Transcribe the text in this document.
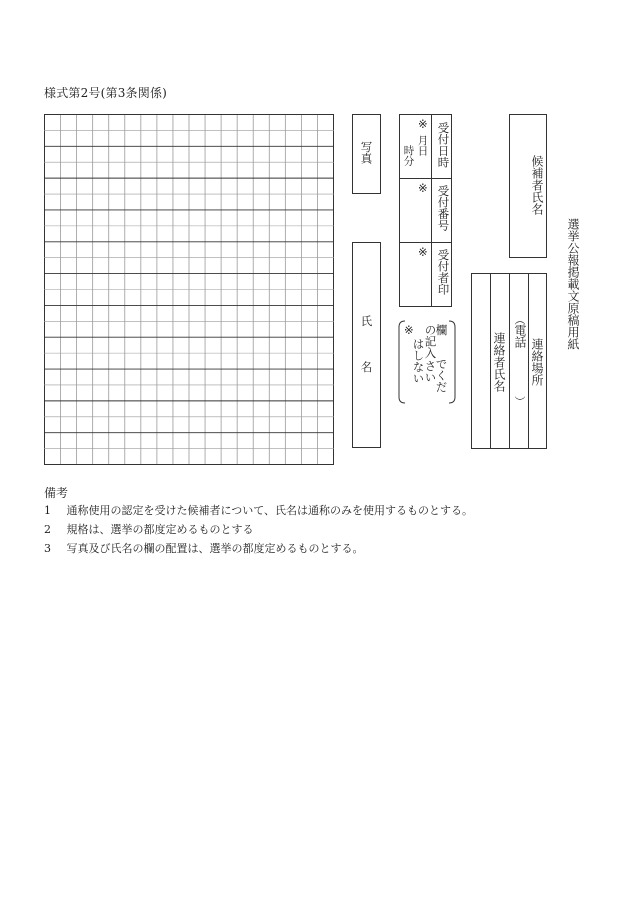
様式第2号(第3条関係)
写真
氏
名
※
月日
時分 受付日時
※ 受付番号
※ 受付者印
欄
の記入
はしない でくだ
さい
※
候補者氏名
選挙公報掲載文原稿用紙
連絡場所
︵
電話
︶
連絡者氏名
備考
1 通称使用の認定を受けた候補者について、氏名は通称のみを使用するものとする。
2 規格は、選挙の都度定めるものとする
3 写真及び氏名の欄の配置は、選挙の都度定めるものとする。
